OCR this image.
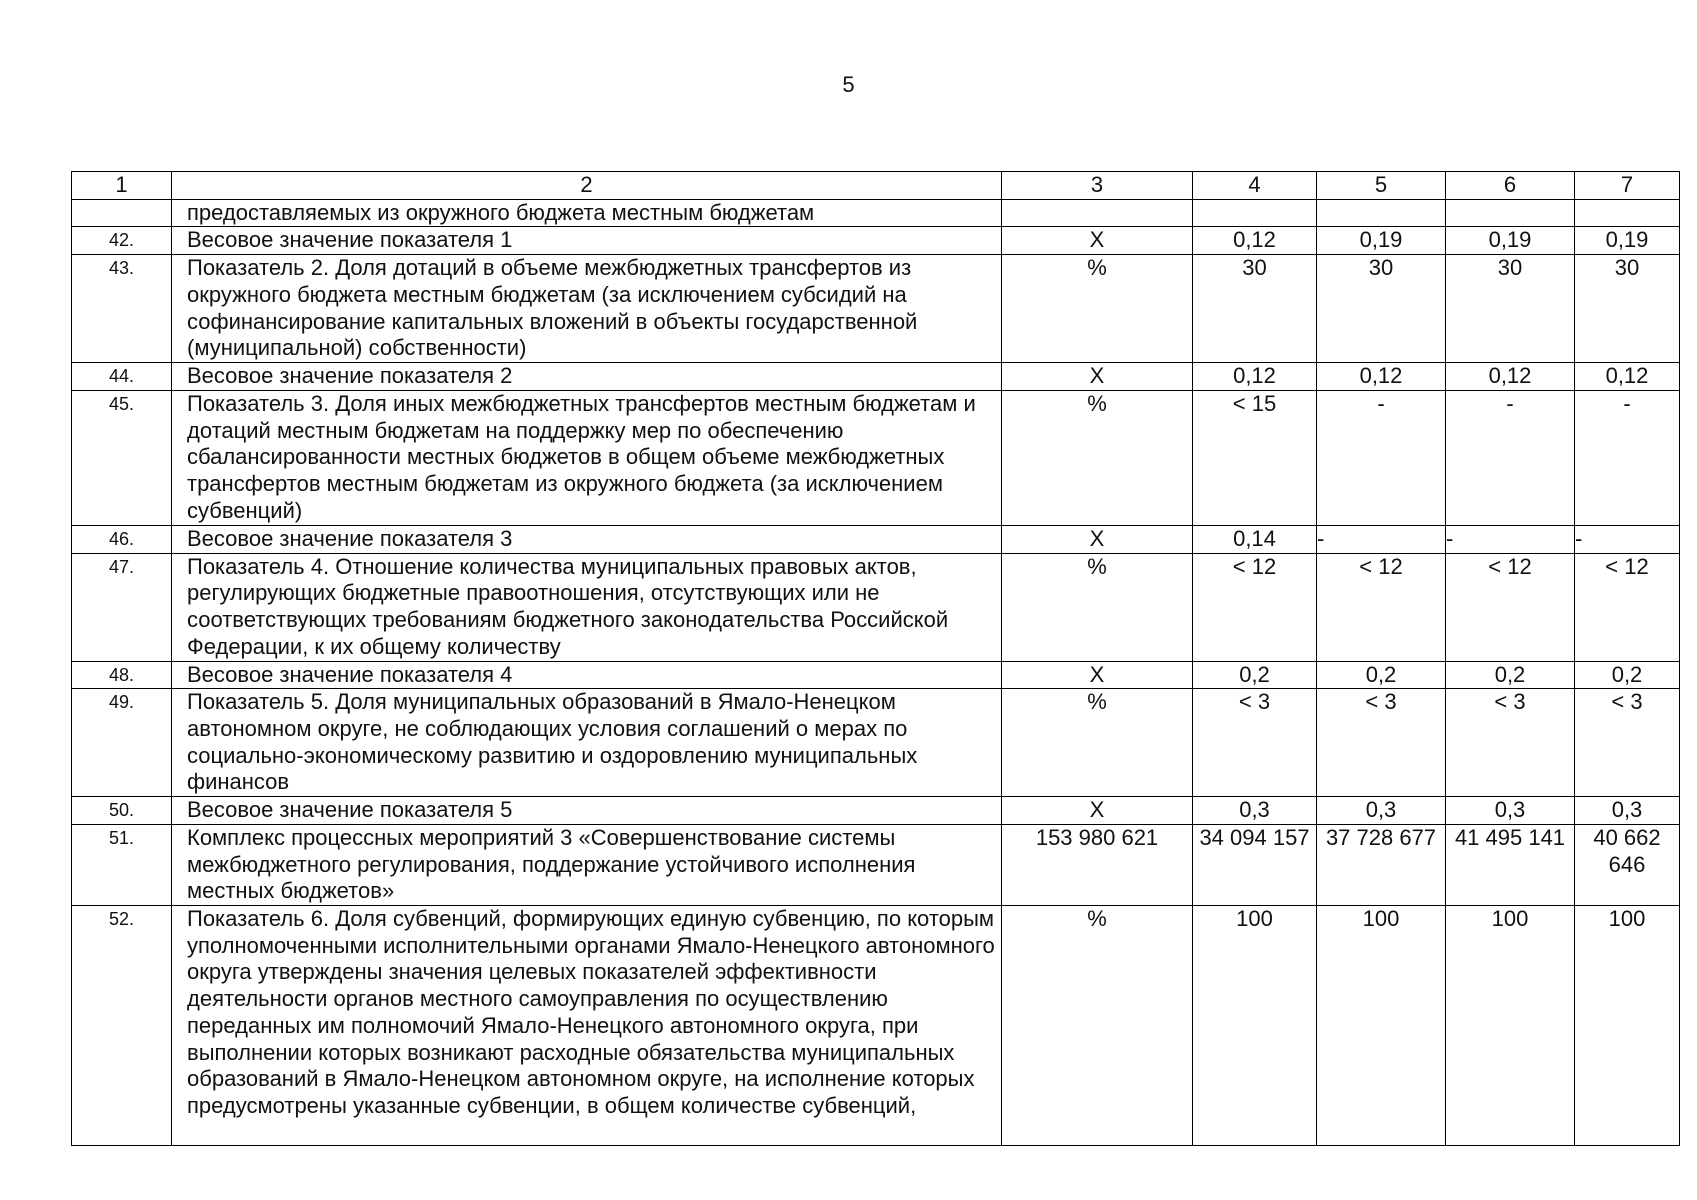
5
1	2	3	4	5	6	7
	предоставляемых из окружного бюджета местным бюджетам					
42.	Весовое значение показателя 1	Х	0,12	0,19	0,19	0,19
43.	Показатель 2. Доля дотаций в объеме межбюджетных трансфертов из окружного бюджета местным бюджетам (за исключением субсидий на софинансирование капитальных вложений в объекты государственной (муниципальной) собственности)	%	30	30	30	30
44.	Весовое значение показателя 2	Х	0,12	0,12	0,12	0,12
45.	Показатель 3. Доля иных межбюджетных трансфертов местным бюджетам и дотаций местным бюджетам на поддержку мер по обеспечению сбалансированности местных бюджетов в общем объеме межбюджетных трансфертов местным бюджетам из окружного бюджета (за исключением субвенций)	%	< 15	-	-	-
46.	Весовое значение показателя 3	Х	0,14	-	-	-
47.	Показатель 4. Отношение количества муниципальных правовых актов, регулирующих бюджетные правоотношения, отсутствующих или не соответствующих требованиям бюджетного законодательства Российской Федерации, к их общему количеству	%	< 12	< 12	< 12	< 12
48.	Весовое значение показателя 4	Х	0,2	0,2	0,2	0,2
49.	Показатель 5. Доля муниципальных образований в Ямало-Ненецком автономном округе, не соблюдающих условия соглашений о мерах по социально-экономическому развитию и оздоровлению муниципальных финансов	%	< 3	< 3	< 3	< 3
50.	Весовое значение показателя 5	Х	0,3	0,3	0,3	0,3
51.	Комплекс процессных мероприятий 3 «Совершенствование системы межбюджетного регулирования, поддержание устойчивого исполнения местных бюджетов»	153 980 621	34 094 157	37 728 677	41 495 141	40 662 646
52.	Показатель 6. Доля субвенций, формирующих единую субвенцию, по которым уполномоченными исполнительными органами Ямало-Ненецкого автономного округа утверждены значения целевых показателей эффективности деятельности органов местного самоуправления по осуществлению переданных им полномочий Ямало-Ненецкого автономного округа, при выполнении которых возникают расходные обязательства муниципальных образований в Ямало-Ненецком автономном округе, на исполнение которых предусмотрены указанные субвенции, в общем количестве субвенций,	%	100	100	100	100
